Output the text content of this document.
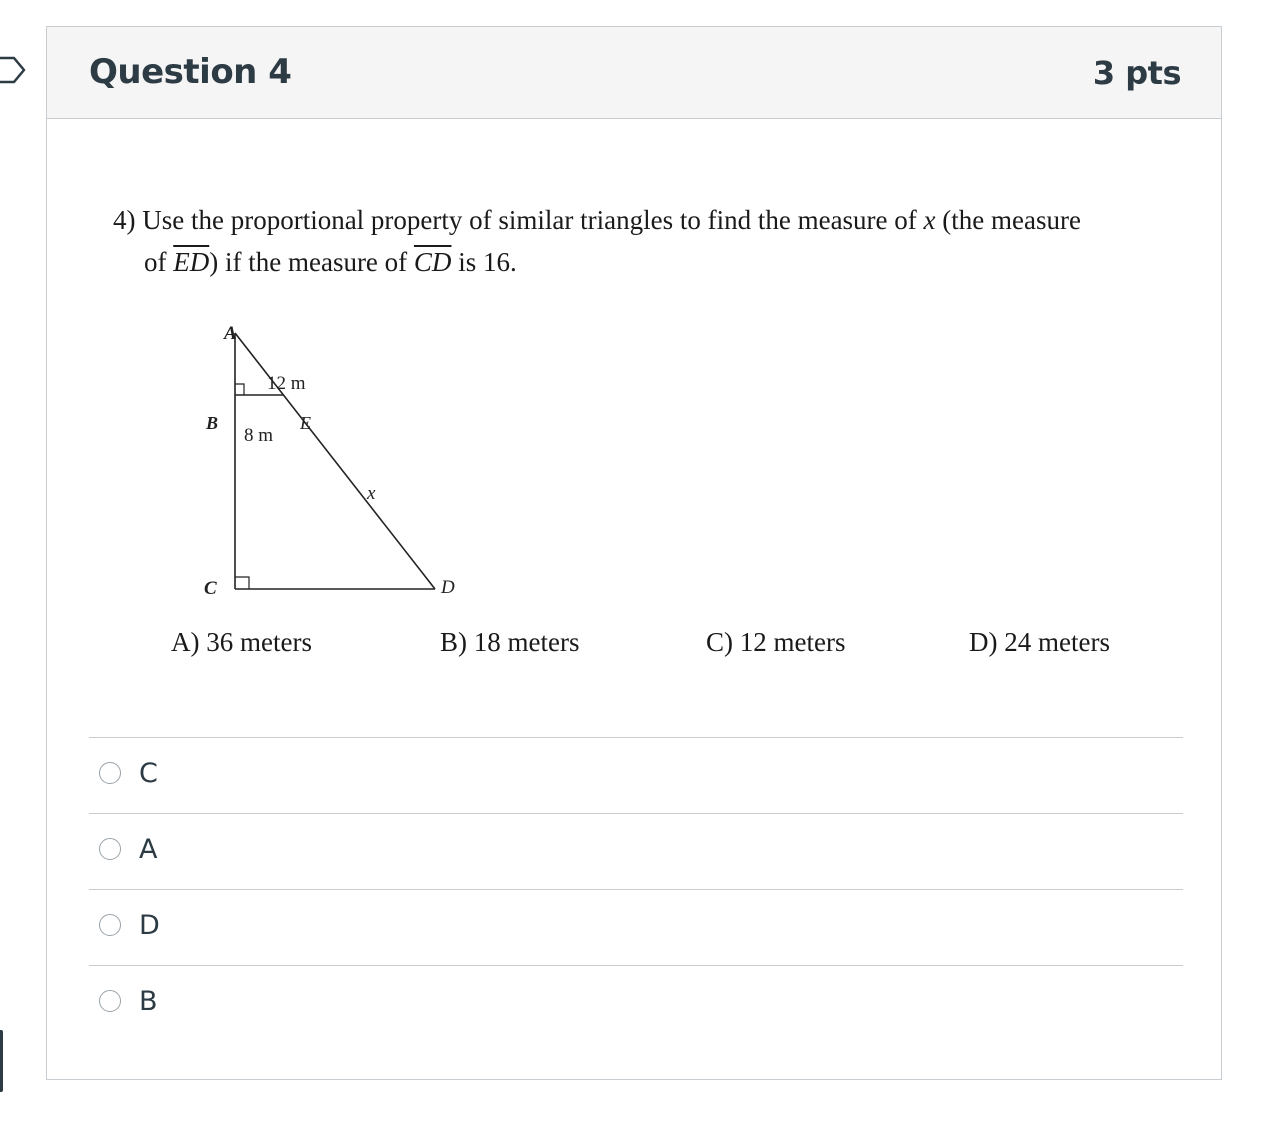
Question 4	3 pts
4) Use the proportional property of similar triangles to find the measure of x (the measure
of $\overline{ED}$) if the measure of $\overline{CD}$ is 16.
A
B
C	D
E
12 m
8 m
x
A) 36 meters	B) 18 meters	C) 12 meters	D) 24 meters
C
A
D
B
